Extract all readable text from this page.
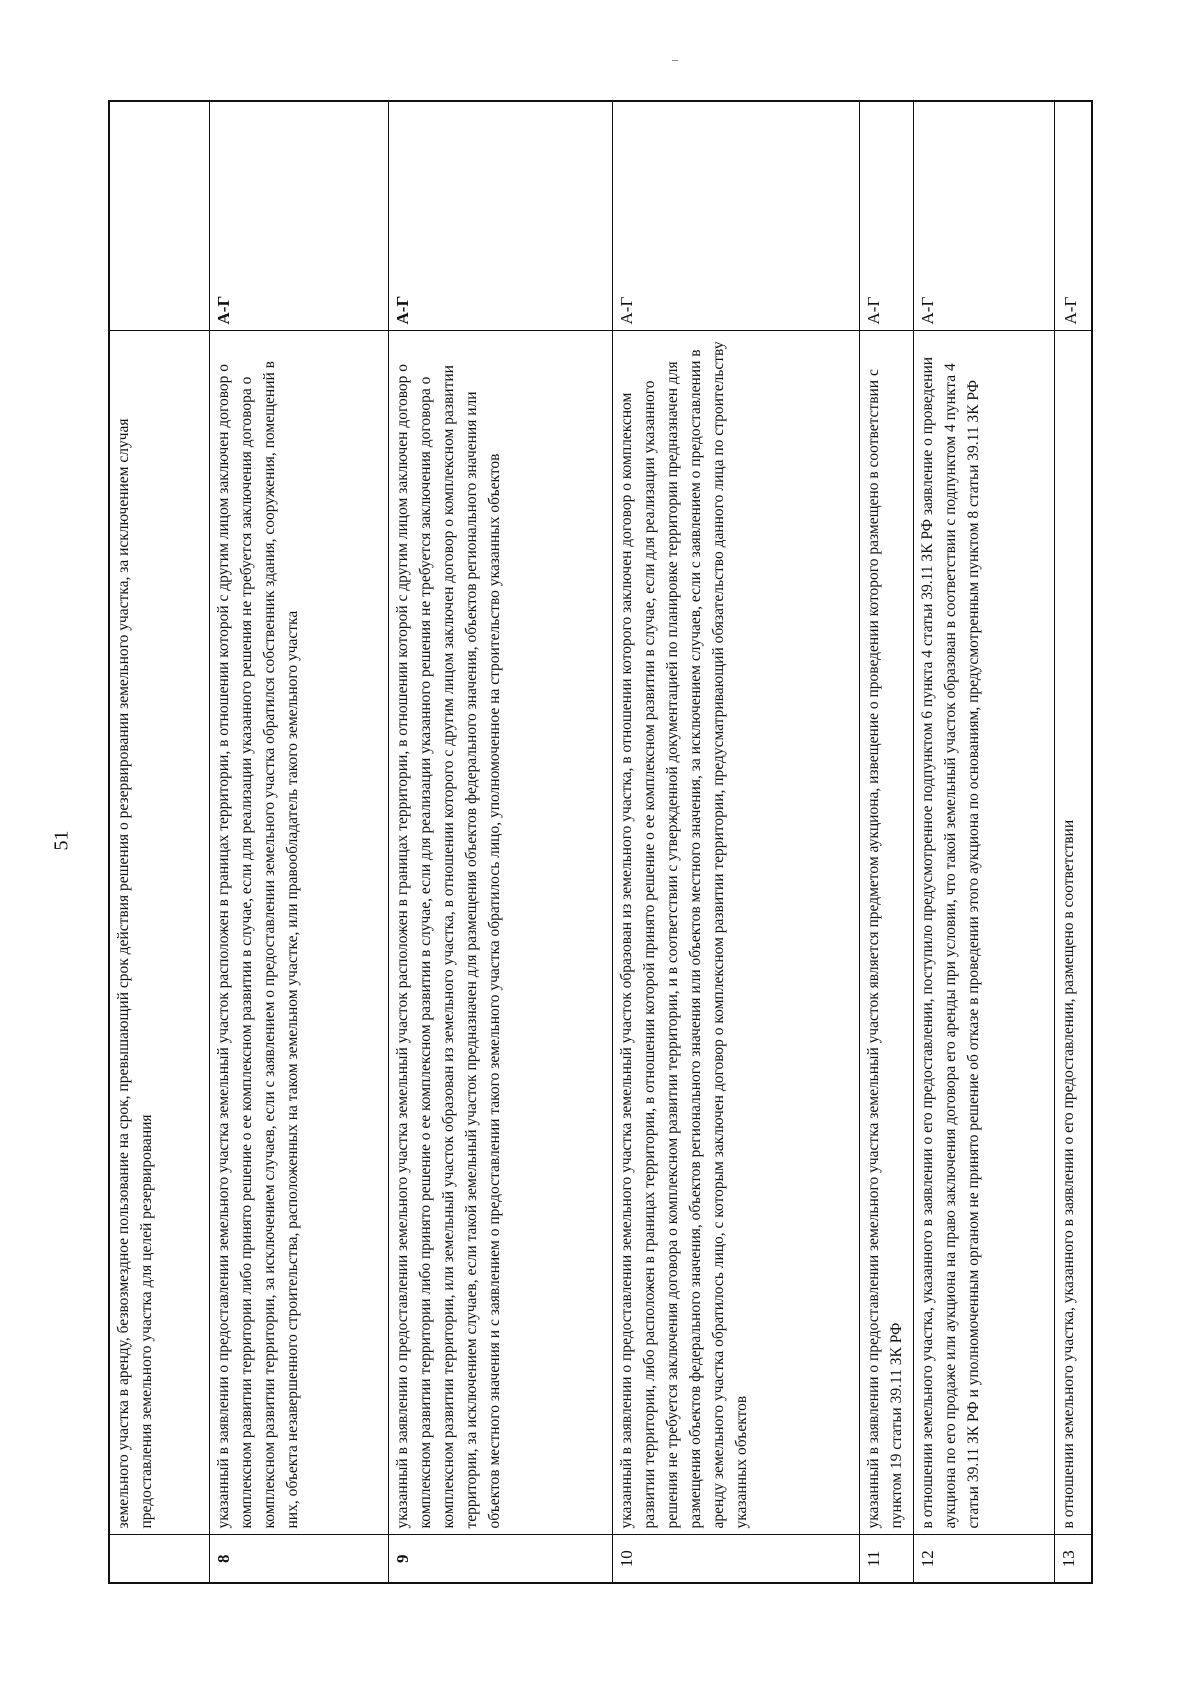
51
		земельного участка в аренду, безвозмездное пользование на срок, превышающий срок действия решения о резервировании земельного участка, за исключением случая предоставления земельного участка для целей резервирования	
8	указанный в заявлении о предоставлении земельного участка земельный участок расположен в границах территории, в отношении которой с другим лицом заключен договор о комплексном развитии территории либо принято решение о ее комплексном развитии в случае, если для реализации указанного решения не требуется заключения договора о комплексном развитии территории, за исключением случаев, если с заявлением о предоставлении земельного участка обратился собственник здания, сооружения, помещений в них, объекта незавершенного строительства, расположенных на таком земельном участке, или правообладатель такого земельного участка	А-Г
9	указанный в заявлении о предоставлении земельного участка земельный участок расположен в границах территории, в отношении которой с другим лицом заключен договор о комплексном развитии территории либо принято решение о ее комплексном развитии в случае, если для реализации указанного решения не требуется заключения договора о комплексном развитии территории, или земельный участок образован из земельного участка, в отношении которого с другим лицом заключен договор о комплексном развитии территории, за исключением случаев, если такой земельный участок предназначен для размещения объектов федерального значения, объектов регионального значения или объектов местного значения и с заявлением о предоставлении такого земельного участка обратилось лицо, уполномоченное на строительство указанных объектов	А-Г
10	указанный в заявлении о предоставлении земельного участка земельный участок образован из земельного участка, в отношении которого заключен договор о комплексном развитии территории, либо расположен в границах территории, в отношении которой принято решение о ее комплексном развитии в случае, если для реализации указанного решения не требуется заключения договора о комплексном развитии территории, и в соответствии с утвержденной документацией по планировке территории предназначен для размещения объектов федерального значения, объектов регионального значения или объектов местного значения, за исключением случаев, если с заявлением о предоставлении в аренду земельного участка обратилось лицо, с которым заключен договор о комплексном развитии территории, предусматривающий обязательство данного лица по строительству указанных объектов	А-Г
11	указанный в заявлении о предоставлении земельного участка земельный участок является предметом аукциона, извещение о проведении которого размещено в соответствии с пунктом 19 статьи 39.11 ЗК РФ	А-Г
12	в отношении земельного участка, указанного в заявлении о его предоставлении, поступило предусмотренное подпунктом 6 пункта 4 статьи 39.11 ЗК РФ заявление о проведении аукциона по его продаже или аукциона на право заключения договора его аренды при условии, что такой земельный участок образован в соответствии с подпунктом 4 пункта 4 статьи 39.11 ЗК РФ и уполномоченным органом не принято решение об отказе в проведении этого аукциона по основаниям, предусмотренным пунктом 8 статьи 39.11 ЗК РФ	А-Г
13	в отношении земельного участка, указанного в заявлении о его предоставлении, размещено в соответствии	А-Г
